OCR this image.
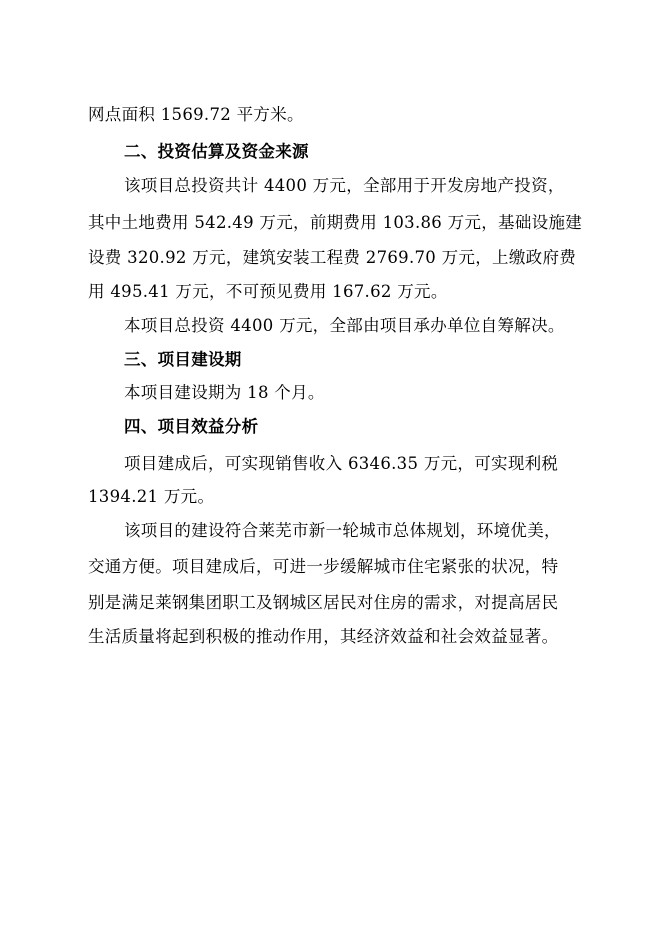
网点面积 1569.72 平方米。
二、投资估算及资金来源
该项目总投资共计 4400 万元，全部用于开发房地产投资，
其中土地费用 542.49 万元，前期费用 103.86 万元，基础设施建
设费 320.92 万元，建筑安装工程费 2769.70 万元，上缴政府费
用 495.41 万元，不可预见费用 167.62 万元。
本项目总投资 4400 万元，全部由项目承办单位自筹解决。
三、项目建设期
本项目建设期为 18 个月。
四、项目效益分析
项目建成后，可实现销售收入 6346.35 万元，可实现利税
1394.21 万元。
该项目的建设符合莱芜市新一轮城市总体规划，环境优美，
交通方便。项目建成后，可进一步缓解城市住宅紧张的状况，特
别是满足莱钢集团职工及钢城区居民对住房的需求，对提高居民
生活质量将起到积极的推动作用，其经济效益和社会效益显著。
